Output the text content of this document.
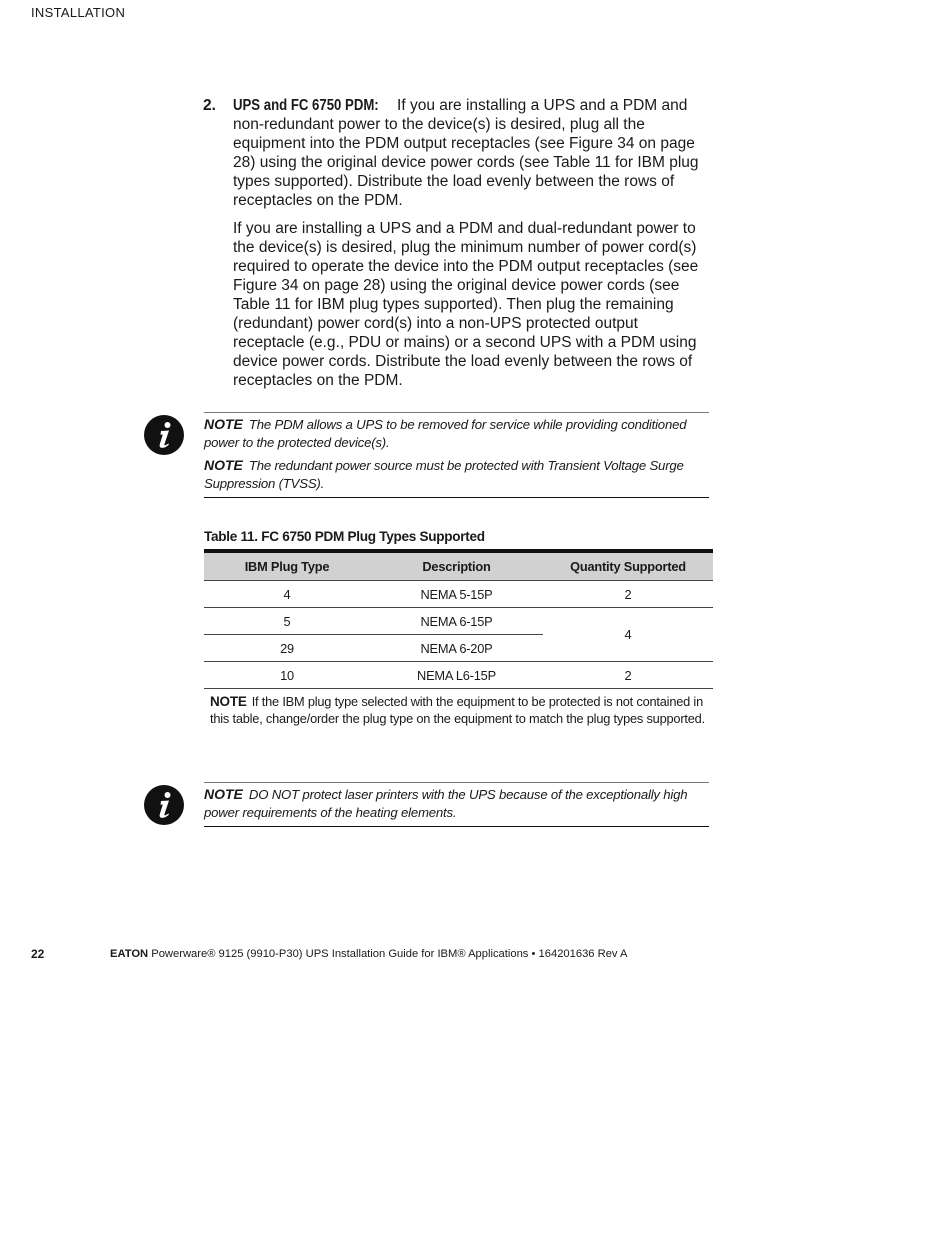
INSTALLATION
2. UPS and FC 6750 PDM: If you are installing a UPS and a PDM and non-redundant power to the device(s) is desired, plug all the equipment into the PDM output receptacles (see Figure 34 on page 28) using the original device power cords (see Table 11 for IBM plug types supported). Distribute the load evenly between the rows of receptacles on the PDM.

If you are installing a UPS and a PDM and dual-redundant power to the device(s) is desired, plug the minimum number of power cord(s) required to operate the device into the PDM output receptacles (see Figure 34 on page 28) using the original device power cords (see Table 11 for IBM plug types supported). Then plug the remaining (redundant) power cord(s) into a non-UPS protected output receptacle (e.g., PDU or mains) or a second UPS with a PDM using device power cords. Distribute the load evenly between the rows of receptacles on the PDM.

NOTE The PDM allows a UPS to be removed for service while providing conditioned power to the protected device(s).

NOTE The redundant power source must be protected with Transient Voltage Surge Suppression (TVSS).

Table 11. FC 6750 PDM Plug Types Supported
IBM Plug Type	Description	Quantity Supported
4	NEMA 5-15P	2
5	NEMA 6-15P	4
29	NEMA 6-20P	
10	NEMA L6-15P	2
NOTE If the IBM plug type selected with the equipment to be protected is not contained in this table, change/order the plug type on the equipment to match the plug types supported.		

NOTE DO NOT protect laser printers with the UPS because of the exceptionally high power requirements of the heating elements.

22	EATON Powerware® 9125 (9910-P30) UPS Installation Guide for IBM® Applications • 164201636 Rev A
